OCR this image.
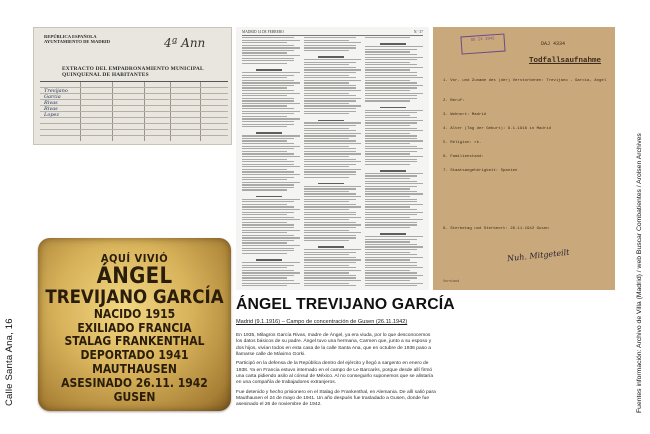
REPÚBLICA ESPAÑOLA
AYUNTAMIENTO DE MADRID	4ª Ann
EXTRACTO DEL EMPADRONAMIENTO MUNICIPAL QUINQUENAL DE HABITANTES
Trevijano
Garcia
Rivas
Rivas
Lopez
MADRID 14 DE FEBRERO	N.º 37
Sb IX 1942
DAJ 4334
Todfallsaufnahme
1. Vor- und Zuname des (der) Verstorbenen: Trevijano - Garcia, Angel
2. Beruf:
3. Wohnort: Madrid
4. Alter (Tag der Geburt): 9.1.1916 in Madrid
5. Religion: rk.
6. Familienstand:
7. Staatsangehörigkeit: Spanien
8. Sterbetag und Sterbeort: 26.11.1942 Gusen
Nuh. Mitgeteilt
Vorstand
AQUÍ VIVIÓ
ÁNGEL
TREVIJANO GARCÍA
NACIDO 1915
EXILIADO FRANCIA
STALAG FRANKENTHAL
DEPORTADO 1941
MAUTHAUSEN
ASESINADO 26.11. 1942
GUSEN
Calle Santa Ana, 16	Fuentes información: Archivo de Villa (Madrid) / web Buscar Combatientes / Arolsen Archives
ÁNGEL TREVIJANO GARCÍA
Madrid (9.1.1916) – Campo de concentración de Gusen (26.11.1942)

En 1935, Milagros García Rivas, madre de Ángel, ya era viuda, por lo que desconocemos los datos básicos de su padre. Ángel tuvo una hermana, Carmen que, junto a su esposo y dos hijos, vivían todos en esta casa de la calle Santa Ana, que en octubre de 1936 paso a llamarse calle de Máximo Gorki.

Participó en la defensa de la República dentro del ejército y llegó a sargento en enero de 1938. Ya en Francia estuvo internado en el campo de Le Barcarès, porque desde allí firmó una carta pidiendo asilo al cónsul de México. Al no conseguirlo suponemos que se alistaría en una compañía de trabajadores extranjeros.

Fue detenido y hecho prisionero en el Stalag de Frankenthal, en Alemania. De allí salió para Mauthausen el 24 de mayo de 1941. Un año después fue trasladado a Gusen, donde fue asesinado el 26 de noviembre de 1942.
